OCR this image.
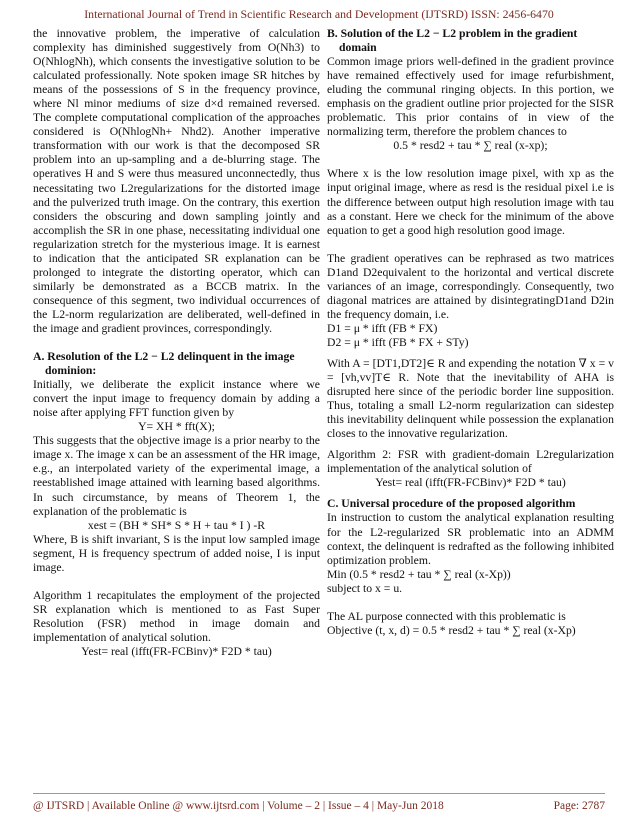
International Journal of Trend in Scientific Research and Development (IJTSRD) ISSN: 2456-6470

the innovative problem, the imperative of calculation complexity has diminished suggestively from O(Nh3) to O(NhlogNh), which consents the investigative solution to be calculated professionally. Note spoken image SR hitches by means of the possessions of S in the frequency province, where Nl minor mediums of size d×d remained reversed. The complete computational complication of the approaches considered is O(NhlogNh+ Nhd2). Another imperative transformation with our work is that the decomposed SR problem into an up-sampling and a de-blurring stage. The operatives H and S were thus measured unconnectedly, thus necessitating two L2regularizations for the distorted image and the pulverized truth image. On the contrary, this exertion considers the obscuring and down sampling jointly and accomplish the SR in one phase, necessitating individual one regularization stretch for the mysterious image. It is earnest to indication that the anticipated SR explanation can be prolonged to integrate the distorting operator, which can similarly be demonstrated as a BCCB matrix. In the consequence of this segment, two individual occurrences of the L2-norm regularization are deliberated, well-defined in the image and gradient provinces, correspondingly.

A. Resolution of the L2 − L2 delinquent in the image dominion:

Initially, we deliberate the explicit instance where we convert the input image to frequency domain by adding a noise after applying FFT function given by

Y= XH * fft(X);

This suggests that the objective image is a prior nearby to the image x. The image x can be an assessment of the HR image, e.g., an interpolated variety of the experimental image, a reestablished image attained with learning based algorithms. In such circumstance, by means of Theorem 1, the explanation of the problematic is

xest = (BH * SH* S * H + tau * I ) -R

Where, B is shift invariant, S is the input low sampled image segment, H is frequency spectrum of added noise, I is input image.

Algorithm 1 recapitulates the employment of the projected SR explanation which is mentioned to as Fast Super Resolution (FSR) method in image domain and implementation of analytical solution.

Yest= real (ifft(FR-FCBinv)* F2D * tau)

B. Solution of the L2 − L2 problem in the gradient domain

Common image priors well-defined in the gradient province have remained effectively used for image refurbishment, eluding the communal ringing objects. In this portion, we emphasis on the gradient outline prior projected for the SISR problematic. This prior contains of in view of the normalizing term, therefore the problem chances to

0.5 * resd2 + tau * ∑ real (x-xp);

Where x is the low resolution image pixel, with xp as the input original image, where as resd is the residual pixel i.e is the difference between output high resolution image with tau as a constant. Here we check for the minimum of the above equation to get a good high resolution good image.

The gradient operatives can be rephrased as two matrices D1and D2equivalent to the horizontal and vertical discrete variances of an image, correspondingly. Consequently, two diagonal matrices are attained by disintegratingD1and D2in the frequency domain, i.e.

D1 = μ * ifft (FB * FX)

D2 = μ * ifft (FB * FX + STy)

With A = [DT1,DT2]∈ R and expending the notation ∇ x = v = [vh,vv]T∈ R. Note that the inevitability of AHA is disrupted here since of the periodic border line supposition. Thus, totaling a small L2-norm regularization can sidestep this inevitability delinquent while possession the explanation closes to the innovative regularization.

Algorithm 2: FSR with gradient-domain L2regularization implementation of the analytical solution of

Yest= real (ifft(FR-FCBinv)* F2D * tau)

C. Universal procedure of the proposed algorithm

In instruction to custom the analytical explanation resulting for the L2-regularized SR problematic into an ADMM context, the delinquent is redrafted as the following inhibited optimization problem.

Min (0.5 * resd2 + tau * ∑ real (x-Xp))

subject to x = u.

The AL purpose connected with this problematic is

Objective (t, x, d) = 0.5 * resd2 + tau * ∑ real (x-Xp)

@ IJTSRD | Available Online @ www.ijtsrd.com | Volume – 2 | Issue – 4 | May-Jun 2018	Page: 2787
